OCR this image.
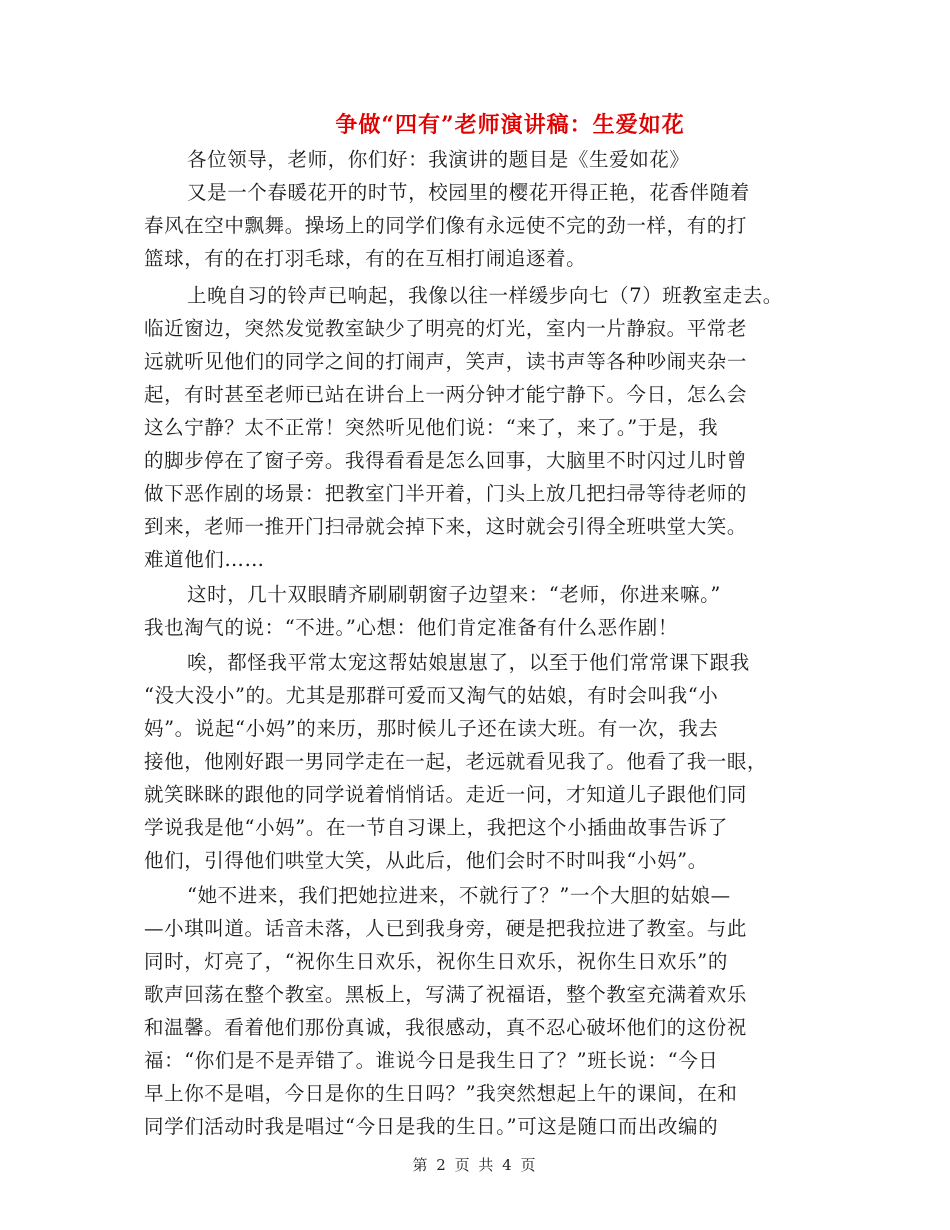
争做“四有”老师演讲稿：生爱如花
各位领导，老师，你们好：我演讲的题目是《生爱如花》
又是一个春暖花开的时节，校园里的樱花开得正艳，花香伴随着
春风在空中飘舞。操场上的同学们像有永远使不完的劲一样，有的打
篮球，有的在打羽毛球，有的在互相打闹追逐着。
上晚自习的铃声已响起，我像以往一样缓步向七（7）班教室走去。
临近窗边，突然发觉教室缺少了明亮的灯光，室内一片静寂。平常老
远就听见他们的同学之间的打闹声，笑声，读书声等各种吵闹夹杂一
起，有时甚至老师已站在讲台上一两分钟才能宁静下。今日，怎么会
这么宁静？太不正常！突然听见他们说：“来了，来了。”于是，我
的脚步停在了窗子旁。我得看看是怎么回事，大脑里不时闪过儿时曾
做下恶作剧的场景：把教室门半开着，门头上放几把扫帚等待老师的
到来，老师一推开门扫帚就会掉下来，这时就会引得全班哄堂大笑。
难道他们……
这时，几十双眼睛齐刷刷朝窗子边望来：“老师，你进来嘛。”
我也淘气的说：“不进。”心想：他们肯定准备有什么恶作剧！
唉，都怪我平常太宠这帮姑娘崽崽了，以至于他们常常课下跟我
“没大没小”的。尤其是那群可爱而又淘气的姑娘，有时会叫我“小
妈”。说起“小妈”的来历，那时候儿子还在读大班。有一次，我去
接他，他刚好跟一男同学走在一起，老远就看见我了。他看了我一眼，
就笑眯眯的跟他的同学说着悄悄话。走近一问，才知道儿子跟他们同
学说我是他“小妈”。在一节自习课上，我把这个小插曲故事告诉了
他们，引得他们哄堂大笑，从此后，他们会时不时叫我“小妈”。
“她不进来，我们把她拉进来，不就行了？”一个大胆的姑娘—
—小琪叫道。话音未落，人已到我身旁，硬是把我拉进了教室。与此
同时，灯亮了，“祝你生日欢乐，祝你生日欢乐，祝你生日欢乐”的
歌声回荡在整个教室。黑板上，写满了祝福语，整个教室充满着欢乐
和温馨。看着他们那份真诚，我很感动，真不忍心破坏他们的这份祝
福：“你们是不是弄错了。谁说今日是我生日了？”班长说：“今日
早上你不是唱，今日是你的生日吗？”我突然想起上午的课间，在和
同学们活动时我是唱过“今日是我的生日。”可这是随口而出改编的
第 2 页 共 4 页
